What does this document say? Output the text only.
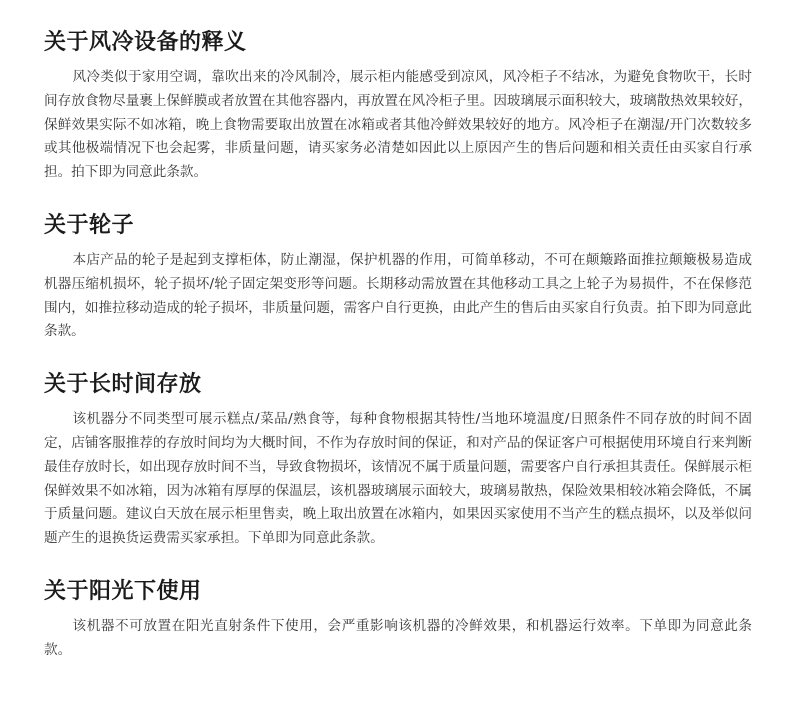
关于风冷设备的释义

风冷类似于家用空调，靠吹出来的冷风制冷，展示柜内能感受到凉风，风冷柜子不结冰，为避免食物吹干，长时间存放食物尽量裹上保鲜膜或者放置在其他容器内，再放置在风冷柜子里。因玻璃展示面积较大，玻璃散热效果较好，保鲜效果实际不如冰箱，晚上食物需要取出放置在冰箱或者其他冷鲜效果较好的地方。风冷柜子在潮湿/开门次数较多或其他极端情况下也会起雾，非质量问题，请买家务必清楚如因此以上原因产生的售后问题和相关责任由买家自行承担。拍下即为同意此条款。

关于轮子

本店产品的轮子是起到支撑柜体，防止潮湿，保护机器的作用，可简单移动，不可在颠簸路面推拉颠簸极易造成机器压缩机损坏，轮子损坏/轮子固定架变形等问题。长期移动需放置在其他移动工具之上轮子为易损件，不在保修范围内，如推拉移动造成的轮子损坏，非质量问题，需客户自行更换，由此产生的售后由买家自行负责。拍下即为同意此条款。

关于长时间存放

该机器分不同类型可展示糕点/菜品/熟食等，每种食物根据其特性/当地环境温度/日照条件不同存放的时间不固定，店铺客服推荐的存放时间均为大概时间，不作为存放时间的保证，和对产品的保证客户可根据使用环境自行来判断最佳存放时长，如出现存放时间不当，导致食物损坏，该情况不属于质量问题，需要客户自行承担其责任。保鲜展示柜保鲜效果不如冰箱，因为冰箱有厚厚的保温层，该机器玻璃展示面较大，玻璃易散热，保险效果相较冰箱会降低，不属于质量问题。建议白天放在展示柜里售卖，晚上取出放置在冰箱内，如果因买家使用不当产生的糕点损坏，以及举似问题产生的退换货运费需买家承担。下单即为同意此条款。

关于阳光下使用

该机器不可放置在阳光直射条件下使用，会严重影响该机器的冷鲜效果，和机器运行效率。下单即为同意此条款。
